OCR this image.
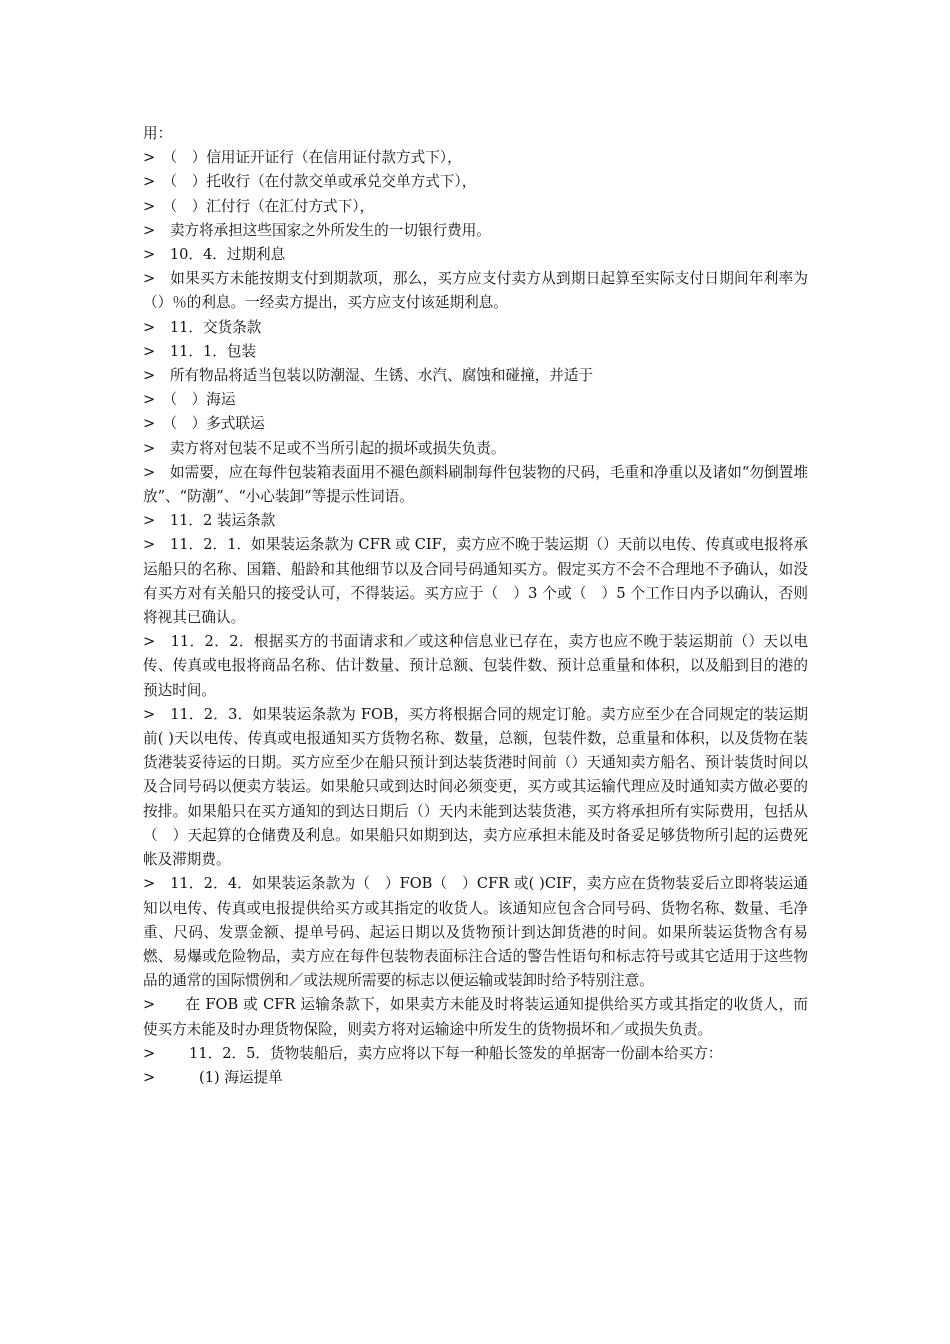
用：

>　（　）信用证开证行（在信用证付款方式下），

>　（　）托收行（在付款交单或承兑交单方式下），

>　（　）汇付行（在汇付方式下），

>　卖方将承担这些国家之外所发生的一切银行费用。

>　10．4．过期利息

>　如果买方未能按期支付到期款项，那么，买方应支付卖方从到期日起算至实际支付日期间年利率为（）％的利息。一经卖方提出，买方应支付该延期利息。

>　11．交货条款

>　11．1．包装

>　所有物品将适当包装以防潮湿、生锈、水汽、腐蚀和碰撞，并适于

>　（　）海运

>　（　）多式联运

>　卖方将对包装不足或不当所引起的损坏或损失负责。

>　如需要，应在每件包装箱表面用不褪色颜料刷制每件包装物的尺码，毛重和净重以及诸如“勿倒置堆放”、“防潮”、“小心装卸”等提示性词语。

>　11．2 装运条款

>　11．2．1．如果装运条款为 CFR 或 CIF，卖方应不晚于装运期（）天前以电传、传真或电报将承运船只的名称、国籍、船龄和其他细节以及合同号码通知买方。假定买方不会不合理地不予确认，如没有买方对有关船只的接受认可，不得装运。买方应于（　）3 个或（　）5 个工作日内予以确认，否则将视其已确认。

>　11．2．2．根据买方的书面请求和／或这种信息业已存在，卖方也应不晚于装运期前（）天以电传、传真或电报将商品名称、估计数量、预计总额、包装件数、预计总重量和体积，以及船到目的港的预达时间。

>　11．2．3．如果装运条款为 FOB，买方将根据合同的规定订舱。卖方应至少在合同规定的装运期前( )天以电传、传真或电报通知买方货物名称、数量，总额，包装件数，总重量和体积，以及货物在装货港装妥待运的日期。买方应至少在船只预计到达装货港时间前（）天通知卖方船名、预计装货时间以及合同号码以便卖方装运。如果舱只或到达时间必须变更，买方或其运输代理应及时通知卖方做必要的按排。如果船只在买方通知的到达日期后（）天内未能到达装货港，买方将承担所有实际费用，包括从（　）天起算的仓储费及利息。如果船只如期到达，卖方应承担未能及时备妥足够货物所引起的运费死帐及滞期费。

>　11．2．4．如果装运条款为（　）FOB（　）CFR 或( )CIF，卖方应在货物装妥后立即将装运通知以电传、传真或电报提供给买方或其指定的收货人。该通知应包含合同号码、货物名称、数量、毛净重、尺码、发票金额、提单号码、起运日期以及货物预计到达卸货港的时间。如果所装运货物含有易燃、易爆或危险物品，卖方应在每件包装物表面标注合适的警告性语句和标志符号或其它适用于这些物品的通常的国际惯例和／或法规所需要的标志以便运输或装卸时给予特别注意。

>　　在 FOB 或 CFR 运输条款下，如果卖方未能及时将装运通知提供给买方或其指定的收货人，而使买方未能及时办理货物保险，则卖方将对运输途中所发生的货物损坏和／或损失负责。

>　　 11．2．5．货物装船后，卖方应将以下每一种船长签发的单据寄一份副本给买方：

>　　　(1) 海运提单
